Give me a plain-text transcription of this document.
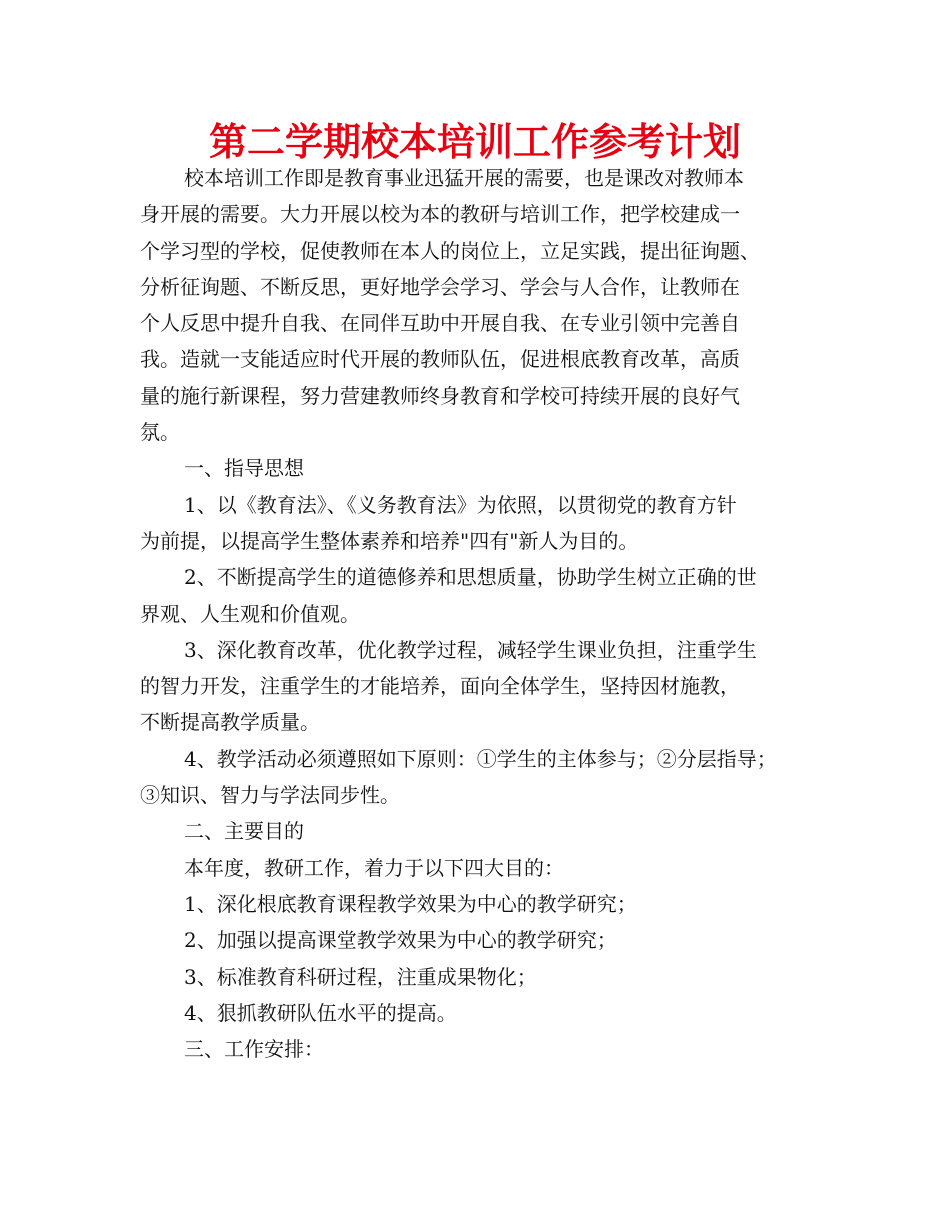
第二学期校本培训工作参考计划
校本培训工作即是教育事业迅猛开展的需要，也是课改对教师本
身开展的需要。大力开展以校为本的教研与培训工作，把学校建成一
个学习型的学校，促使教师在本人的岗位上，立足实践，提出征询题、
分析征询题、不断反思，更好地学会学习、学会与人合作，让教师在
个人反思中提升自我、在同伴互助中开展自我、在专业引领中完善自
我。造就一支能适应时代开展的教师队伍，促进根底教育改革，高质
量的施行新课程，努力营建教师终身教育和学校可持续开展的良好气
氛。
一、指导思想
1、以《教育法》、《义务教育法》为依照，以贯彻党的教育方针
为前提，以提高学生整体素养和培养"四有"新人为目的。
2、不断提高学生的道德修养和思想质量，协助学生树立正确的世
界观、人生观和价值观。
3、深化教育改革，优化教学过程，减轻学生课业负担，注重学生
的智力开发，注重学生的才能培养，面向全体学生，坚持因材施教，
不断提高教学质量。
4、教学活动必须遵照如下原则：①学生的主体参与；②分层指导；
③知识、智力与学法同步性。
二、主要目的
本年度，教研工作，着力于以下四大目的：
1、深化根底教育课程教学效果为中心的教学研究；
2、加强以提高课堂教学效果为中心的教学研究；
3、标准教育科研过程，注重成果物化；
4、狠抓教研队伍水平的提高。
三、工作安排：
